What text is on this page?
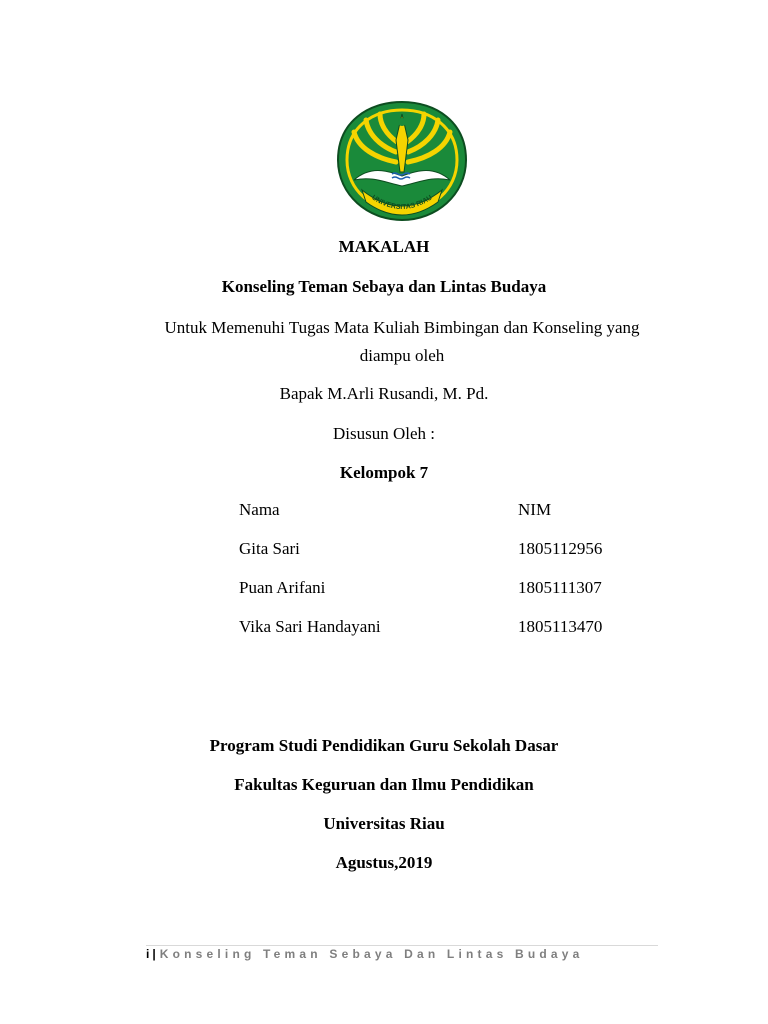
UNIVERSITAS RIAU

MAKALAH

Konseling Teman Sebaya dan Lintas Budaya

Untuk Memenuhi Tugas Mata Kuliah Bimbingan dan Konseling yang
diampu oleh

Bapak M.Arli Rusandi, M. Pd.

Disusun Oleh :

Kelompok 7

Nama	NIM
Gita Sari	1805112956
Puan Arifani	1805111307
Vika Sari Handayani	1805113470

Program Studi Pendidikan Guru Sekolah Dasar

Fakultas Keguruan dan Ilmu Pendidikan

Universitas Riau

Agustus,2019

i | Konseling Teman Sebaya Dan Lintas Budaya
